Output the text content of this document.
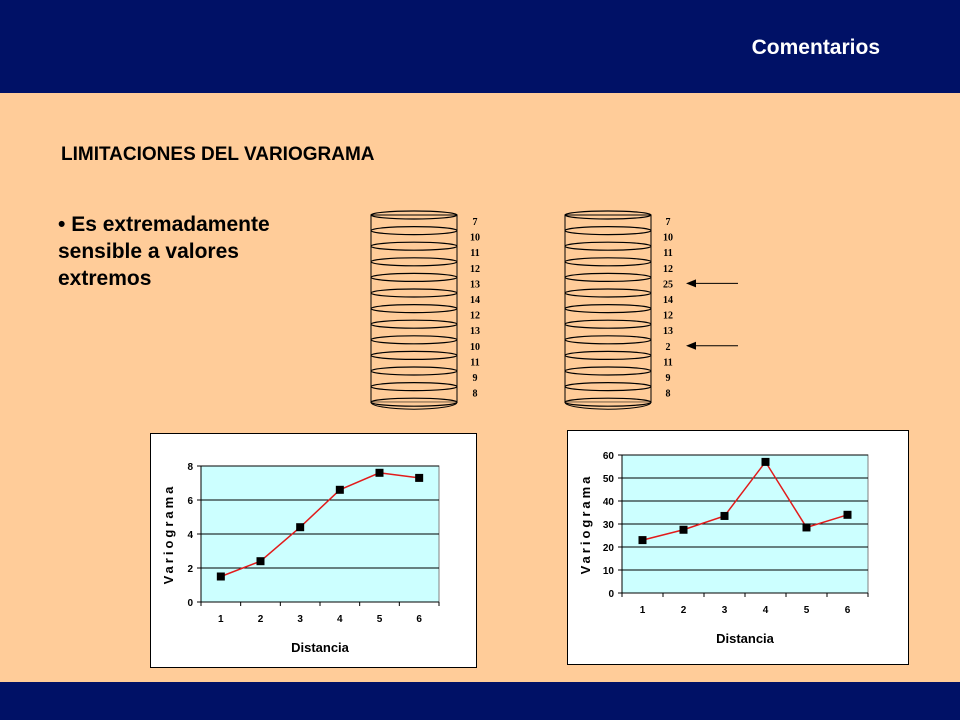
Comentarios
LIMITACIONES DEL VARIOGRAMA
• Es extremadamente sensible a valores extremos
7
10
11
12
13
14
12
13
10
11
9
8
7
10
11
12
25
14
12
13
2
11
9
8
0
2
4
6
8
1	2	3	4	5	6
Distancia
Variograma
0
10
20
30
40
50
60
1	2	3	4	5	6
Distancia
Variograma
